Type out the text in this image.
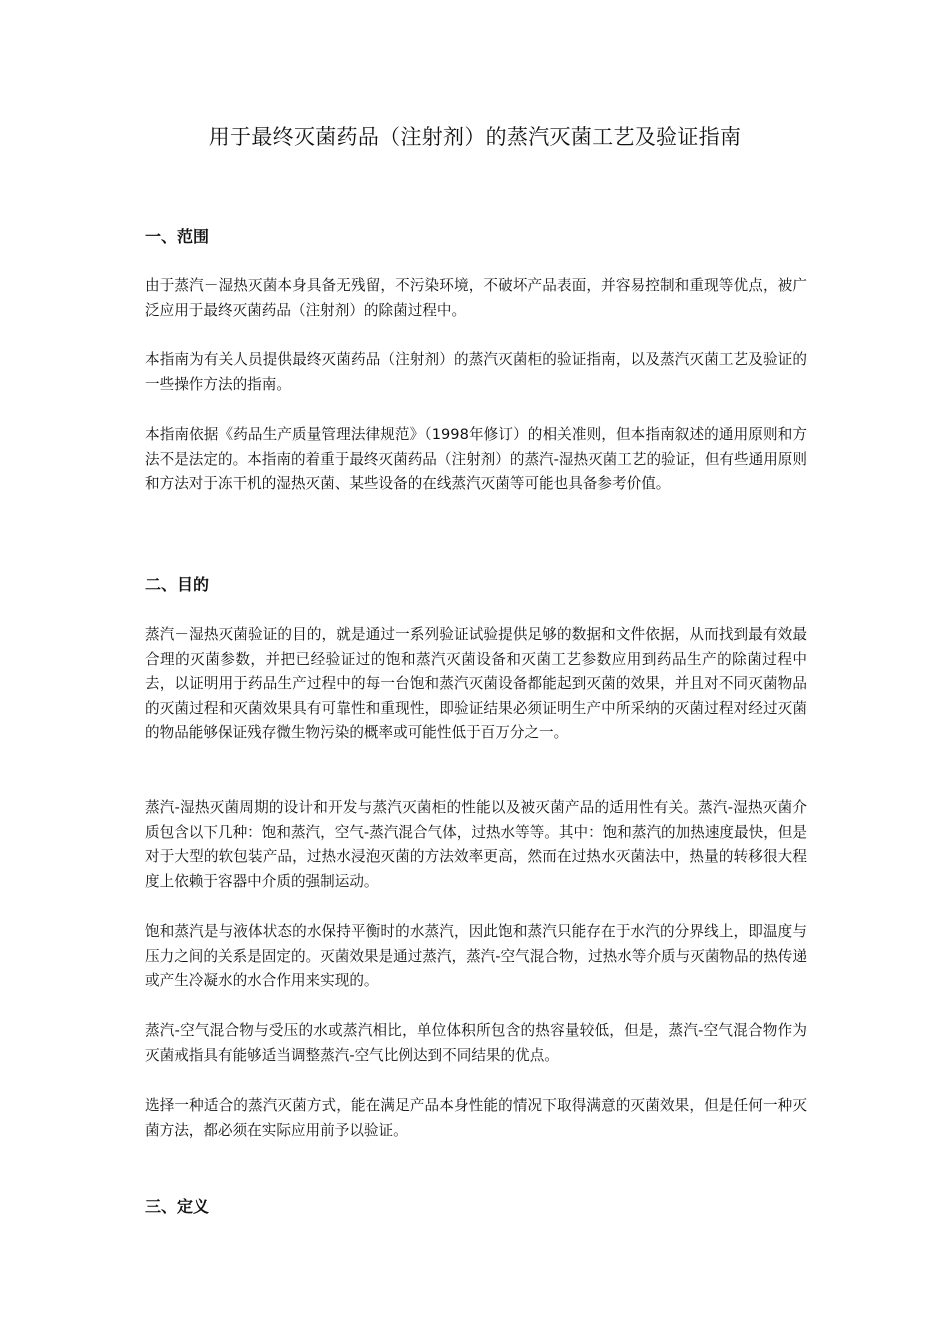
用于最终灭菌药品（注射剂）的蒸汽灭菌工艺及验证指南
一、范围

由于蒸汽－湿热灭菌本身具备无残留，不污染环境，不破坏产品表面，并容易控制和重现等优点，被广泛应用于最终灭菌药品（注射剂）的除菌过程中。

本指南为有关人员提供最终灭菌药品（注射剂）的蒸汽灭菌柜的验证指南，以及蒸汽灭菌工艺及验证的一些操作方法的指南。

本指南依据《药品生产质量管理法律规范》（1998年修订）的相关准则，但本指南叙述的通用原则和方法不是法定的。本指南的着重于最终灭菌药品（注射剂）的蒸汽-湿热灭菌工艺的验证，但有些通用原则和方法对于冻干机的湿热灭菌、某些设备的在线蒸汽灭菌等可能也具备参考价值。

二、目的

蒸汽－湿热灭菌验证的目的，就是通过一系列验证试验提供足够的数据和文件依据，从而找到最有效最合理的灭菌参数，并把已经验证过的饱和蒸汽灭菌设备和灭菌工艺参数应用到药品生产的除菌过程中去，以证明用于药品生产过程中的每一台饱和蒸汽灭菌设备都能起到灭菌的效果，并且对不同灭菌物品的灭菌过程和灭菌效果具有可靠性和重现性，即验证结果必须证明生产中所采纳的灭菌过程对经过灭菌的物品能够保证残存微生物污染的概率或可能性低于百万分之一。

蒸汽-湿热灭菌周期的设计和开发与蒸汽灭菌柜的性能以及被灭菌产品的适用性有关。蒸汽-湿热灭菌介质包含以下几种：饱和蒸汽，空气-蒸汽混合气体，过热水等等。其中：饱和蒸汽的加热速度最快，但是对于大型的软包装产品，过热水浸泡灭菌的方法效率更高，然而在过热水灭菌法中，热量的转移很大程度上依赖于容器中介质的强制运动。

饱和蒸汽是与液体状态的水保持平衡时的水蒸汽，因此饱和蒸汽只能存在于水汽的分界线上，即温度与压力之间的关系是固定的。灭菌效果是通过蒸汽，蒸汽-空气混合物，过热水等介质与灭菌物品的热传递或产生冷凝水的水合作用来实现的。

蒸汽-空气混合物与受压的水或蒸汽相比，单位体积所包含的热容量较低，但是，蒸汽-空气混合物作为灭菌戒指具有能够适当调整蒸汽-空气比例达到不同结果的优点。

选择一种适合的蒸汽灭菌方式，能在满足产品本身性能的情况下取得满意的灭菌效果，但是任何一种灭菌方法，都必须在实际应用前予以验证。

三、定义
